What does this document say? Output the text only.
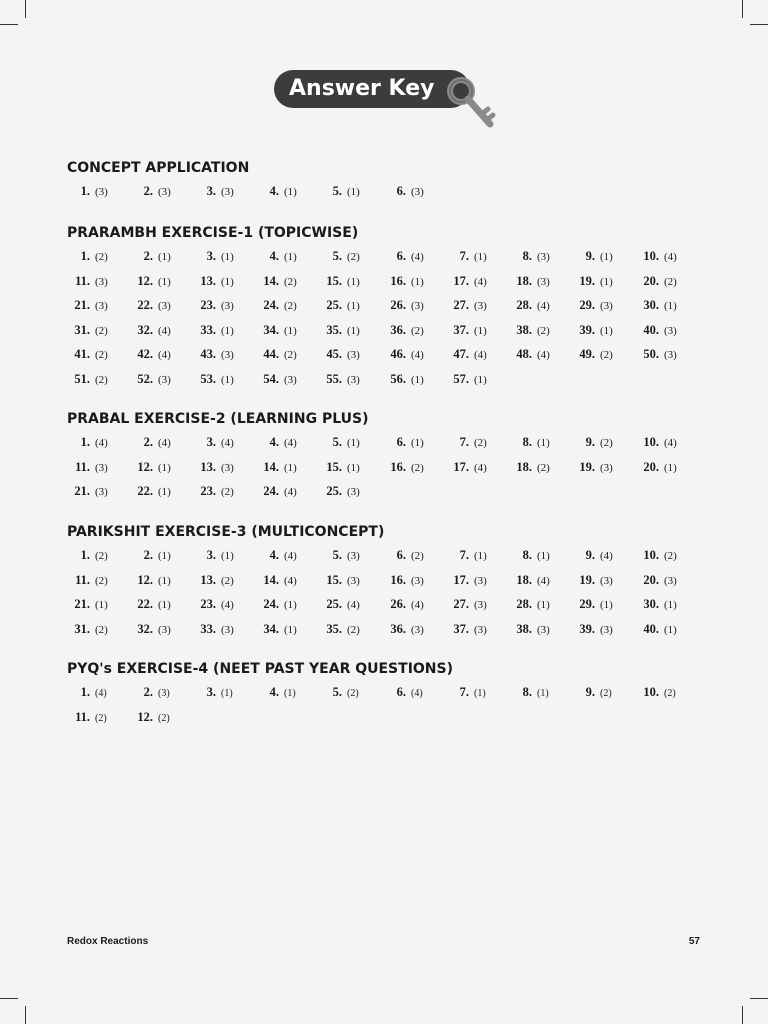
Answer Key
CONCEPT APPLICATION
1. (3)	2. (3)	3. (3)	4. (1)	5. (1)	6. (3)
PRARAMBH EXERCISE-1 (TOPICWISE)
1. (2)	2. (1)	3. (1)	4. (1)	5. (2)	6. (4)	7. (1)	8. (3)	9. (1)	10. (4)
11. (3)	12. (1)	13. (1)	14. (2)	15. (1)	16. (1)	17. (4)	18. (3)	19. (1)	20. (2)
21. (3)	22. (3)	23. (3)	24. (2)	25. (1)	26. (3)	27. (3)	28. (4)	29. (3)	30. (1)
31. (2)	32. (4)	33. (1)	34. (1)	35. (1)	36. (2)	37. (1)	38. (2)	39. (1)	40. (3)
41. (2)	42. (4)	43. (3)	44. (2)	45. (3)	46. (4)	47. (4)	48. (4)	49. (2)	50. (3)
51. (2)	52. (3)	53. (1)	54. (3)	55. (3)	56. (1)	57. (1)
PRABAL EXERCISE-2 (LEARNING PLUS)
1. (4)	2. (4)	3. (4)	4. (4)	5. (1)	6. (1)	7. (2)	8. (1)	9. (2)	10. (4)
11. (3)	12. (1)	13. (3)	14. (1)	15. (1)	16. (2)	17. (4)	18. (2)	19. (3)	20. (1)
21. (3)	22. (1)	23. (2)	24. (4)	25. (3)
PARIKSHIT EXERCISE-3 (MULTICONCEPT)
1. (2)	2. (1)	3. (1)	4. (4)	5. (3)	6. (2)	7. (1)	8. (1)	9. (4)	10. (2)
11. (2)	12. (1)	13. (2)	14. (4)	15. (3)	16. (3)	17. (3)	18. (4)	19. (3)	20. (3)
21. (1)	22. (1)	23. (4)	24. (1)	25. (4)	26. (4)	27. (3)	28. (1)	29. (1)	30. (1)
31. (2)	32. (3)	33. (3)	34. (1)	35. (2)	36. (3)	37. (3)	38. (3)	39. (3)	40. (1)
PYQ's EXERCISE-4 (NEET PAST YEAR QUESTIONS)
1. (4)	2. (3)	3. (1)	4. (1)	5. (2)	6. (4)	7. (1)	8. (1)	9. (2)	10. (2)
11. (2)	12. (2)
Redox Reactions	57
